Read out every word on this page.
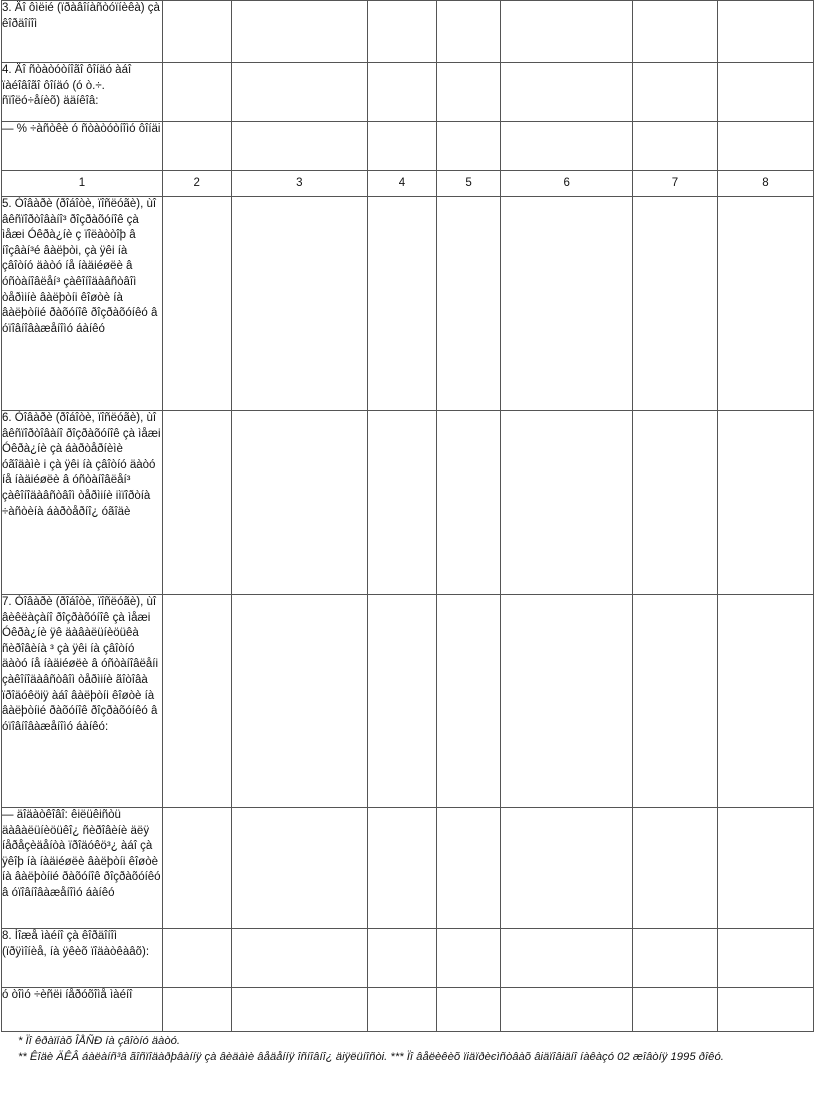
3. Äî ôìëié (ïðàâîíàñòóïíèêà) çà êîðäîíîì							
4. Äî ñòàòóòíîãî ôîíäó àáî ïàéîâîãî ôîíäó (ó ò.÷. ñïîëó÷åíèõ) ääíêîâ:							
— % ÷àñòêè ó ñòàòóòíîìó ôîíäi							
1	2	3	4	5	6	7	8
5. Òîâàðè (ðîáîòè, ïîñëóãè), ùî âêñïîðòîâàíî³ ðîçðàõóíîê çà ìåæі Óêðà¿íè ç ïîëàòòîþ â íîçâàí³é âàëþòі, çà ÿêі íà çâîòíó äàòó íå íàäіéøëè â óñòàíîâëåí³ çàêîíîäàâñòâîì òåðìіíè âàëþòíі êîøòè íà âàëþòíіé ðàõóíîê ðîçðàõóíêó â óïîâíîâàæåíîìó áàíêó							
6. Òîâàðè (ðîáîòè, ïîñëóãè), ùî âêñïîðòîâàíî ðîçðàõóíîê çà ìåæі Óêðà¿íè çà áàðòåðíèìè óãîäàìè і çà ÿêі íà çâîòíó äàòó íå íàäіéøëè â óñòàíîâëåí³ çàêîíîäàâñòâîì òåðìіíè іìïîðòíà ÷àñòèíà áàðòåðíî¿ óãîäè							
7. Òîâàðè (ðîáîòè, ïîñëóãè), ùî âèêëàçàíî ðîçðàõóíîê çà ìåæі Óêðà¿íè ÿê äàâàëüíèöüêà ñèðîâèíà ³ çà ÿêі íà çâîòíó äàòó íå íàäіéøëè â óñòàíîâëåíі çàêîíîäàâñòâîì òåðìіíè ãîòîâà ïðîäóêöіÿ àáî âàëþòíі êîøòè íà âàëþòíіé ðàõóíîê ðîçðàõóíêó â óïîâíîâàæåíîìó áàíêó:							
— äîäàòêîâî: êіëüêіñòü äàâàëüíèöüêî¿ ñèðîâèíè äëÿ íåðåçèäåíòà ïðîäóêö³¿ àáî çà ÿêîþ íà íàäіéøëè âàëþòíі êîøòè íà âàëþòíіé ðàõóíîê ðîçðàõóíêó â óïîâíîâàæåíîìó áàíêó							
8. Ìîæå ìàéíî çà êîðäîíîì (ïðÿìîíèå, íà ÿêèõ ïîäàòêàâõ):							
ó òîìó ÷èñëі íåðóõîìå ìàéíî							
* Ïî êðàїíàõ ÎÅÑÐ íà çâîòíó äàòó.
** Êîäè ÄÊÂ áàëàíñ³â ãîñïîäàðþâàííÿ çà âèäàìè âåäåííÿ îñíîâíî¿ äіÿëüíîñòі. *** Ïî âåëèêèõ ïіäïðèєìñòâàõ âіäïîâіäíî íàêàçó 02 æîâòíÿ 1995 ðîêó.
